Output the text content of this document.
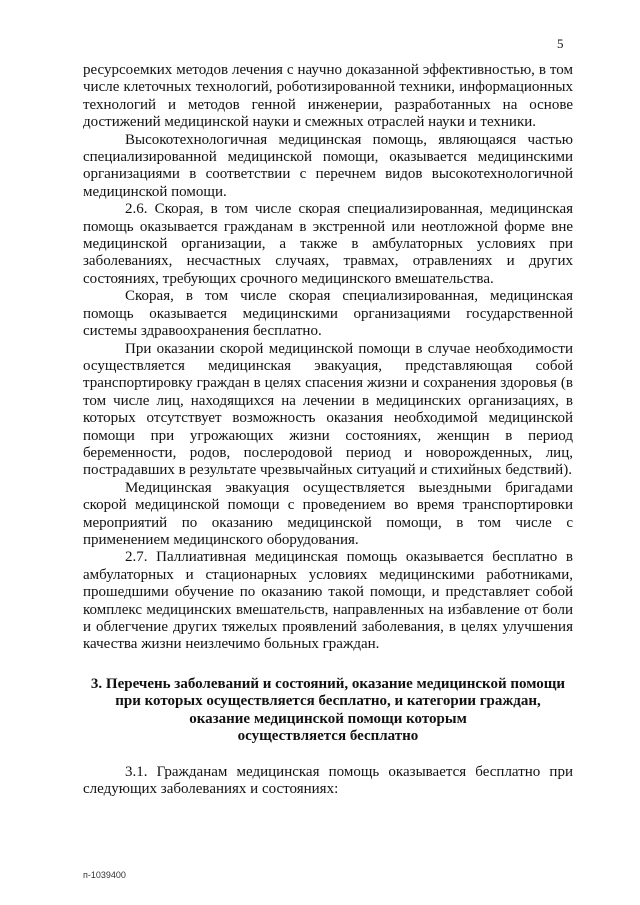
5

ресурсоемких методов лечения с научно доказанной эффективностью, в том числе клеточных технологий, роботизированной техники, информационных технологий и методов генной инженерии, разработанных на основе достижений медицинской науки и смежных отраслей науки и техники.

Высокотехнологичная медицинская помощь, являющаяся частью специализированной медицинской помощи, оказывается медицинскими организациями в соответствии с перечнем видов высокотехнологичной медицинской помощи.

2.6. Скорая, в том числе скорая специализированная, медицинская помощь оказывается гражданам в экстренной или неотложной форме вне медицинской организации, а также в амбулаторных условиях при заболеваниях, несчастных случаях, травмах, отравлениях и других состояниях, требующих срочного медицинского вмешательства.

Скорая, в том числе скорая специализированная, медицинская помощь оказывается медицинскими организациями государственной системы здравоохранения бесплатно.

При оказании скорой медицинской помощи в случае необходимости осуществляется медицинская эвакуация, представляющая собой транспортировку граждан в целях спасения жизни и сохранения здоровья (в том числе лиц, находящихся на лечении в медицинских организациях, в которых отсутствует возможность оказания необходимой медицинской помощи при угрожающих жизни состояниях, женщин в период беременности, родов, послеродовой период и новорожденных, лиц, пострадавших в результате чрезвычайных ситуаций и стихийных бедствий).

Медицинская эвакуация осуществляется выездными бригадами скорой медицинской помощи с проведением во время транспортировки мероприятий по оказанию медицинской помощи, в том числе с применением медицинского оборудования.

2.7. Паллиативная медицинская помощь оказывается бесплатно в амбулаторных и стационарных условиях медицинскими работниками, прошедшими обучение по оказанию такой помощи, и представляет собой комплекс медицинских вмешательств, направленных на избавление от боли и облегчение других тяжелых проявлений заболевания, в целях улучшения качества жизни неизлечимо больных граждан.

3. Перечень заболеваний и состояний, оказание медицинской помощи
при которых осуществляется бесплатно, и категории граждан,
оказание медицинской помощи которым
осуществляется бесплатно

3.1. Гражданам медицинская помощь оказывается бесплатно при следующих заболеваниях и состояниях:

п-1039400
